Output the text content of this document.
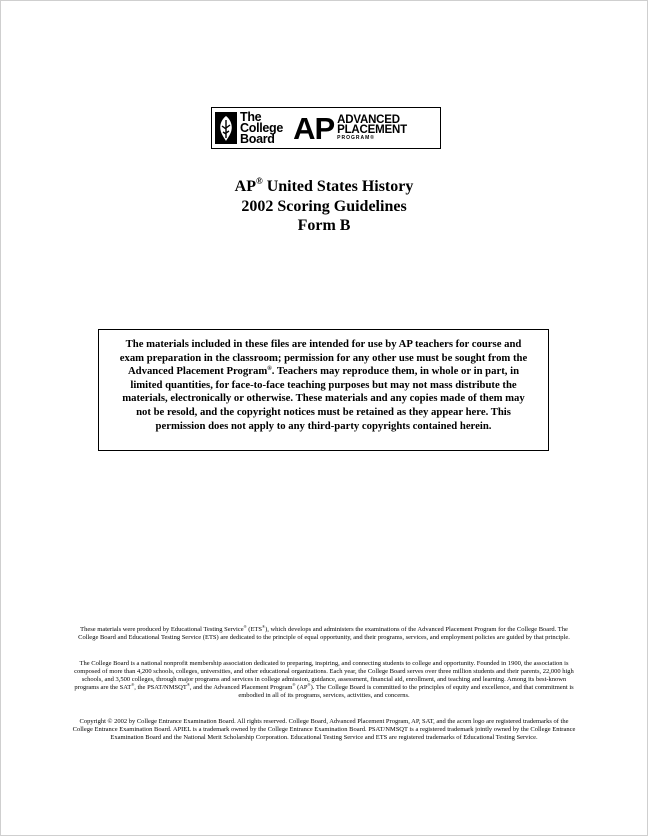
The
College
Board AP ADVANCED
PLACEMENT
PROGRAM®
AP® United States History
2002 Scoring Guidelines
Form B
The materials included in these files are intended for use by AP teachers for course and exam preparation in the classroom; permission for any other use must be sought from the Advanced Placement Program®. Teachers may reproduce them, in whole or in part, in limited quantities, for face-to-face teaching purposes but may not mass distribute the materials, electronically or otherwise. These materials and any copies made of them may not be resold, and the copyright notices must be retained as they appear here. This permission does not apply to any third-party copyrights contained herein.
These materials were produced by Educational Testing Service® (ETS®), which develops and administers the examinations of the Advanced Placement Program for the College Board. The College Board and Educational Testing Service (ETS) are dedicated to the principle of equal opportunity, and their programs, services, and employment policies are guided by that principle.
The College Board is a national nonprofit membership association dedicated to preparing, inspiring, and connecting students to college and opportunity. Founded in 1900, the association is composed of more than 4,200 schools, colleges, universities, and other educational organizations. Each year, the College Board serves over three million students and their parents, 22,000 high schools, and 3,500 colleges, through major programs and services in college admission, guidance, assessment, financial aid, enrollment, and teaching and learning. Among its best-known programs are the SAT®, the PSAT/NMSQT®, and the Advanced Placement Program® (AP®). The College Board is committed to the principles of equity and excellence, and that commitment is embodied in all of its programs, services, activities, and concerns.
Copyright © 2002 by College Entrance Examination Board. All rights reserved. College Board, Advanced Placement Program, AP, SAT, and the acorn logo are registered trademarks of the College Entrance Examination Board. APIEL is a trademark owned by the College Entrance Examination Board. PSAT/NMSQT is a registered trademark jointly owned by the College Entrance Examination Board and the National Merit Scholarship Corporation. Educational Testing Service and ETS are registered trademarks of Educational Testing Service.
